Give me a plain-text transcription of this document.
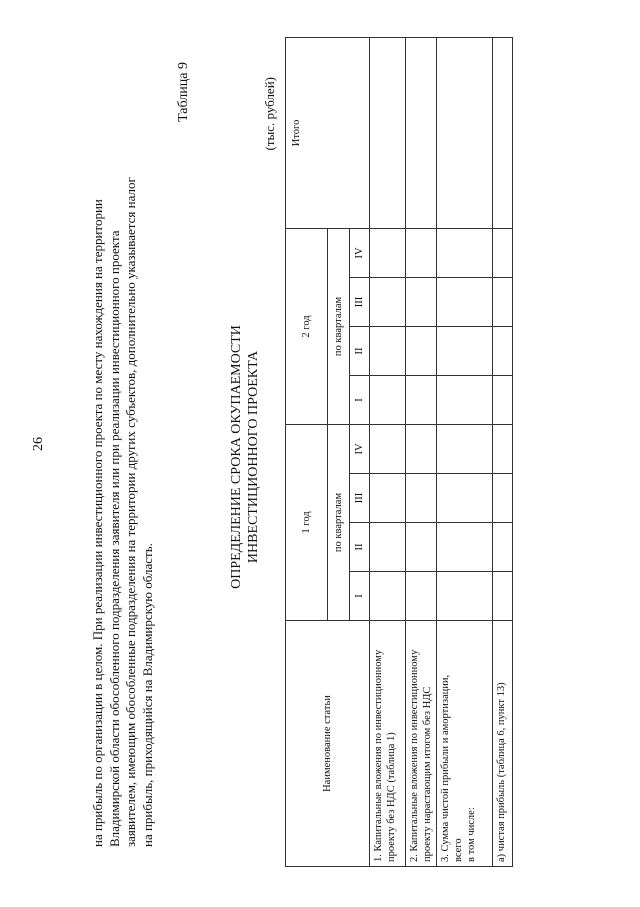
26	на прибыль по организации в целом. При реализации инвестиционного проекта по месту нахождения на территории Владимирской области обособленного подразделения заявителя или при реализации инвестиционного проекта заявителем, имеющим обособленные подразделения на территории других субъектов, дополнительно указывается налог на прибыль, приходящийся на Владимирскую область.

Таблица 9
ОПРЕДЕЛЕНИЕ СРОКА ОКУПАЕМОСТИ ИНВЕСТИЦИОННОГО ПРОЕКТА
(тыс. рублей)
Наименование статьи	1 год				2 год				Итого
	по кварталам				по кварталам				
	I	II	III	IV	I	II	III	IV	
1. Капитальные вложения по инвестиционному проекту без НДС (таблица 1)									
2. Капитальные вложения по инвестиционному проекту нарастающим итогом без НДС									

3. Сумма чистой прибыли и амортизации, всего в том числе:									

а) чистая прибыль (таблица 6, пункт 13)									
